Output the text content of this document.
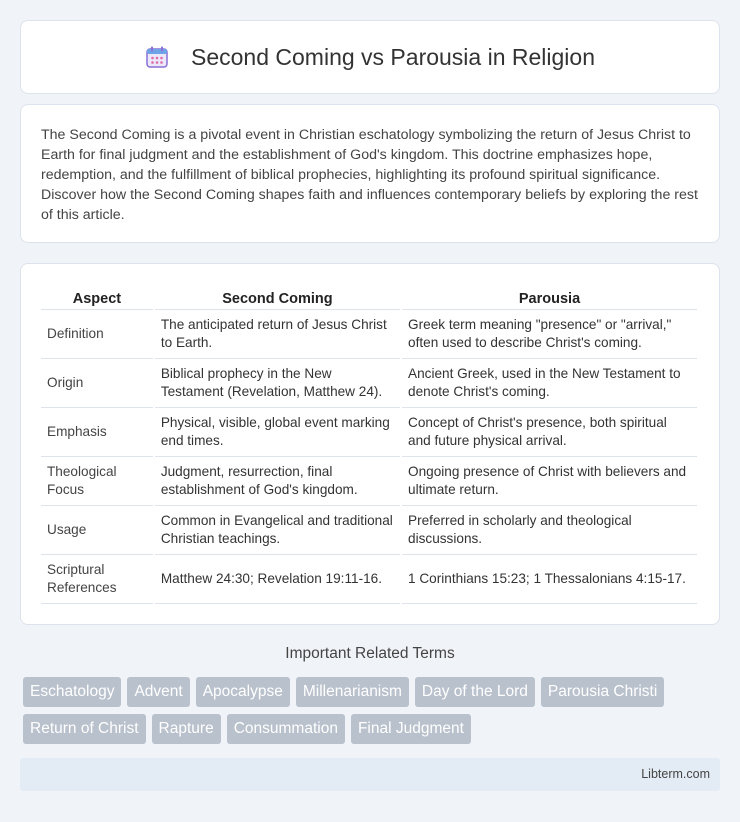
Second Coming vs Parousia in Religion

The Second Coming is a pivotal event in Christian eschatology symbolizing the return of Jesus Christ to Earth for final judgment and the establishment of God's kingdom. This doctrine emphasizes hope, redemption, and the fulfillment of biblical prophecies, highlighting its profound spiritual significance. Discover how the Second Coming shapes faith and influences contemporary beliefs by exploring the rest of this article.

Aspect	Second Coming	Parousia
Definition	The anticipated return of Jesus Christ to Earth.	Greek term meaning "presence" or "arrival," often used to describe Christ's coming.
Origin	Biblical prophecy in the New Testament (Revelation, Matthew 24).	Ancient Greek, used in the New Testament to denote Christ's coming.
Emphasis	Physical, visible, global event marking end times.	Concept of Christ's presence, both spiritual and future physical arrival.
Theological Focus	Judgment, resurrection, final establishment of God's kingdom.	Ongoing presence of Christ with believers and ultimate return.
Usage	Common in Evangelical and traditional Christian teachings.	Preferred in scholarly and theological discussions.
Scriptural References	Matthew 24:30; Revelation 19:11-16.	1 Corinthians 15:23; 1 Thessalonians 4:15-17.
Important Related Terms
Eschatology	Advent	Apocalypse	Millenarianism	Day of the Lord	Parousia Christi
Return of Christ	Rapture	Consummation	Final Judgment
Libterm.com
